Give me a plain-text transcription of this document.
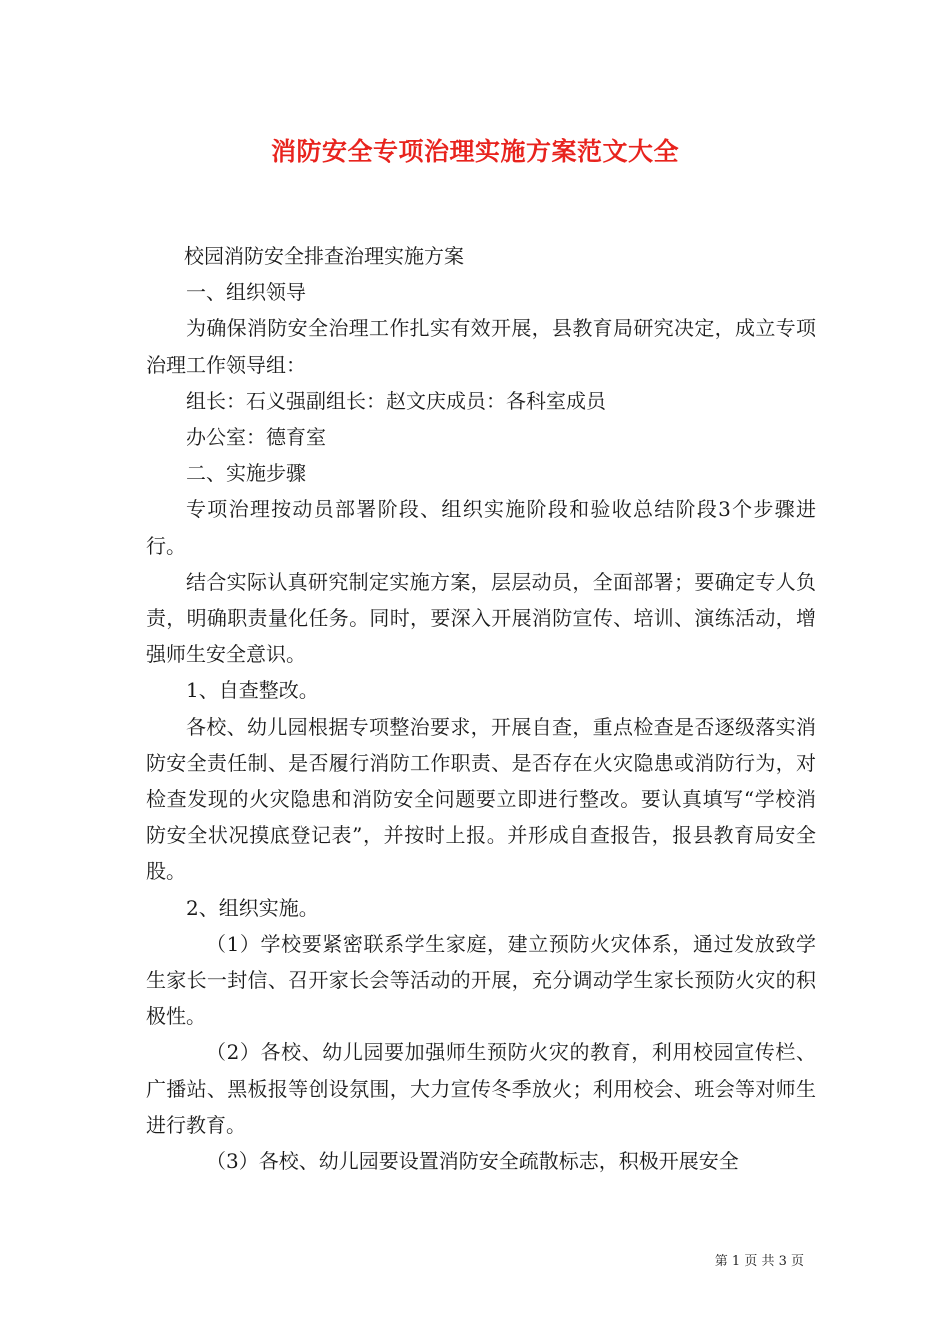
消防安全专项治理实施方案范文大全

校园消防安全排查治理实施方案

一、组织领导

为确保消防安全治理工作扎实有效开展，县教育局研究决定，成立专项治理工作领导组：

组长：石义强副组长：赵文庆成员：各科室成员

办公室：德育室

二、实施步骤

专项治理按动员部署阶段、组织实施阶段和验收总结阶段3个步骤进行。

结合实际认真研究制定实施方案，层层动员，全面部署；要确定专人负责，明确职责量化任务。同时，要深入开展消防宣传、培训、演练活动，增强师生安全意识。

1、自查整改。

各校、幼儿园根据专项整治要求，开展自查，重点检查是否逐级落实消防安全责任制、是否履行消防工作职责、是否存在火灾隐患或消防行为，对检查发现的火灾隐患和消防安全问题要立即进行整改。要认真填写“学校消防安全状况摸底登记表”，并按时上报。并形成自查报告，报县教育局安全股。

2、组织实施。

（1）学校要紧密联系学生家庭，建立预防火灾体系，通过发放致学生家长一封信、召开家长会等活动的开展，充分调动学生家长预防火灾的积极性。

（2）各校、幼儿园要加强师生预防火灾的教育，利用校园宣传栏、广播站、黑板报等创设氛围，大力宣传冬季放火；利用校会、班会等对师生进行教育。

（3）各校、幼儿园要设置消防安全疏散标志，积极开展安全

第 1 页 共 3 页
